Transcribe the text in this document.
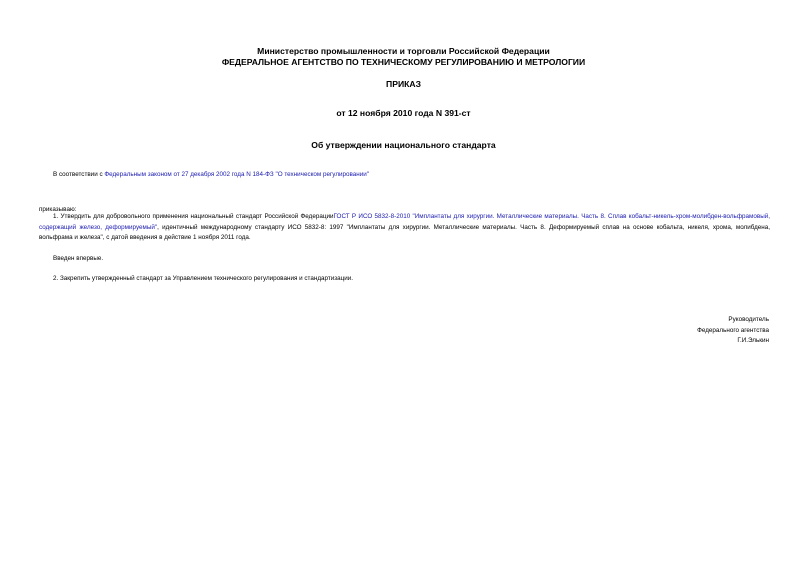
Министерство промышленности и торговли Российской Федерации
ФЕДЕРАЛЬНОЕ АГЕНТСТВО ПО ТЕХНИЧЕСКОМУ РЕГУЛИРОВАНИЮ И МЕТРОЛОГИИ
ПРИКАЗ
от 12 ноября 2010 года N 391-ст
Об утверждении национального стандарта
В соответствии с Федеральным законом от 27 декабря 2002 года N 184-ФЗ "О техническом регулировании"
приказываю:
1. Утвердить для добровольного применения национальный стандарт Российской ФедерацииГОСТ Р ИСО 5832-8-2010 "Имплантаты для хирургии. Металлические материалы. Часть 8. Сплав кобальт-никель-хром-молибден-вольфрамовый, содержащий железо, деформируемый", идентичный международному стандарту ИСО 5832-8: 1997 "Имплантаты для хирургии. Металлические материалы. Часть 8. Деформируемый сплав на основе кобальта, никеля, хрома, молибдена, вольфрама и железа", с датой введения в действие 1 ноября 2011 года.
Введен впервые.
2. Закрепить утвержденный стандарт за Управлением технического регулирования и стандартизации.
Руководитель
Федерального агентства
Г.И.Элькин
